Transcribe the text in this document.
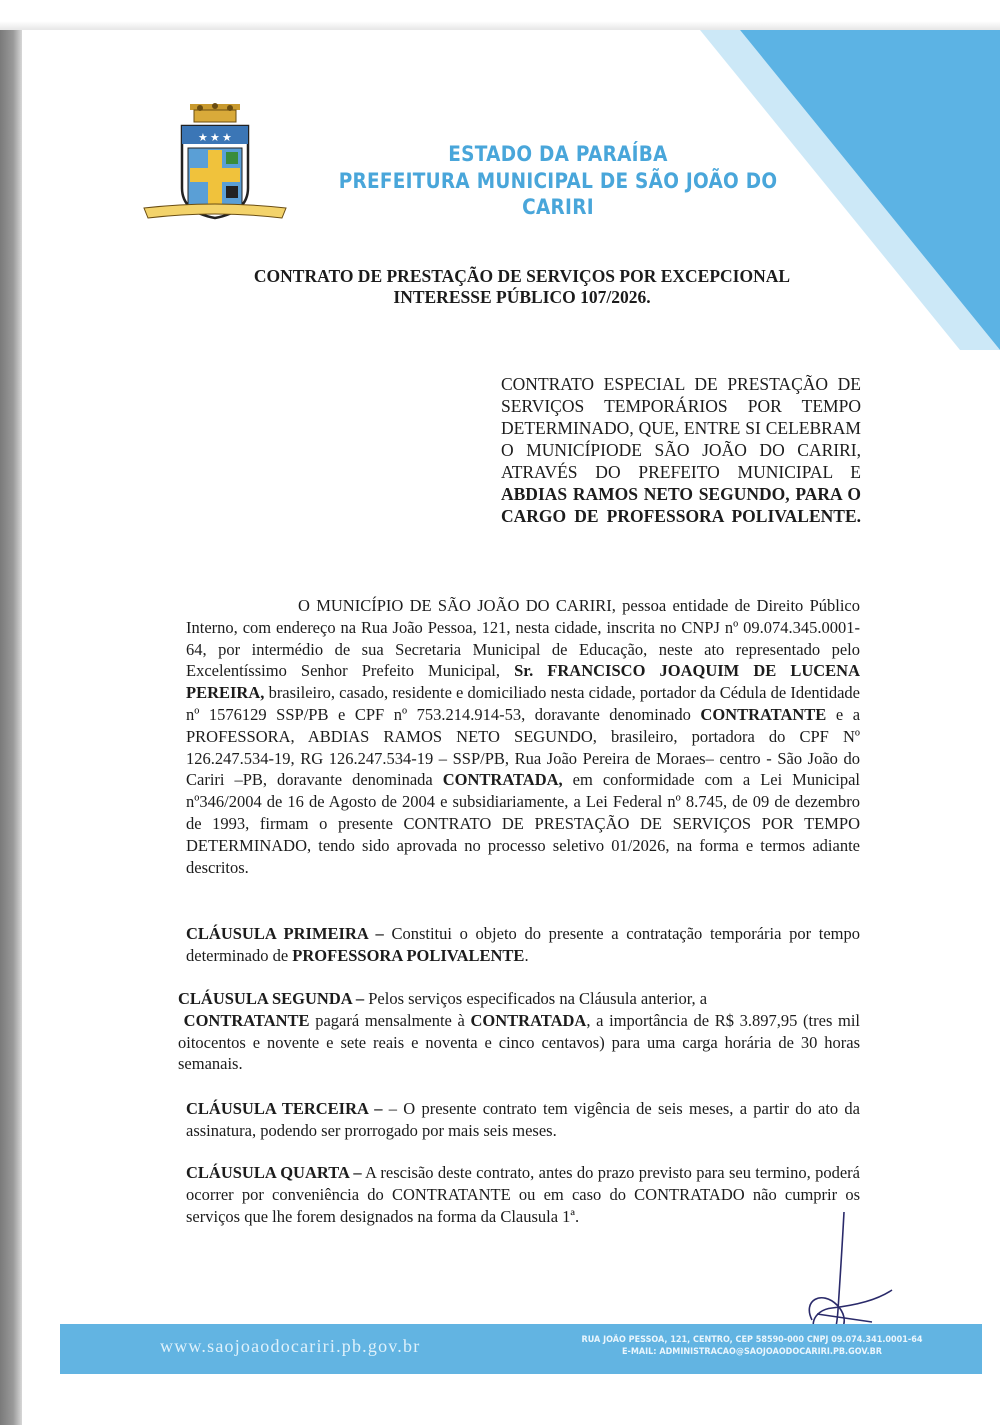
★ ★ ★
ESTADO DA PARAÍBA
PREFEITURA MUNICIPAL DE SÃO JOÃO DO CARIRI
CONTRATO DE PRESTAÇÃO DE SERVIÇOS POR EXCEPCIONAL
INTERESSE PÚBLICO 107/2026.
CONTRATO ESPECIAL DE PRESTAÇÃO DE SERVIÇOS TEMPORÁRIOS POR TEMPO DETERMINADO, QUE, ENTRE SI CELEBRAM O MUNICÍPIODE SÃO JOÃO DO CARIRI, ATRAVÉS DO PREFEITO MUNICIPAL E ABDIAS RAMOS NETO SEGUNDO, PARA O CARGO DE PROFESSORA POLIVALENTE.
O MUNICÍPIO DE SÃO JOÃO DO CARIRI, pessoa entidade de Direito Público Interno, com endereço na Rua João Pessoa, 121, nesta cidade, inscrita no CNPJ nº 09.074.345.0001-64, por intermédio de sua Secretaria Municipal de Educação, neste ato representado pelo Excelentíssimo Senhor Prefeito Municipal, Sr. FRANCISCO JOAQUIM DE LUCENA PEREIRA, brasileiro, casado, residente e domiciliado nesta cidade, portador da Cédula de Identidade nº 1576129 SSP/PB e CPF nº 753.214.914-53, doravante denominado CONTRATANTE e a PROFESSORA, ABDIAS RAMOS NETO SEGUNDO, brasileiro, portadora do CPF Nº 126.247.534-19, RG 126.247.534-19 – SSP/PB, Rua João Pereira de Moraes– centro - São João do Cariri –PB, doravante denominada CONTRATADA, em conformidade com a Lei Municipal nº346/2004 de 16 de Agosto de 2004 e subsidiariamente, a Lei Federal nº 8.745, de 09 de dezembro de 1993, firmam o presente CONTRATO DE PRESTAÇÃO DE SERVIÇOS POR TEMPO DETERMINADO, tendo sido aprovada no processo seletivo 01/2026, na forma e termos adiante descritos.
CLÁUSULA PRIMEIRA – Constitui o objeto do presente a contratação temporária por tempo determinado de PROFESSORA POLIVALENTE.
CLÁUSULA SEGUNDA – Pelos serviços especificados na Cláusula anterior, a
CONTRATANTE pagará mensalmente à CONTRATADA, a importância de R$ 3.897,95 (tres mil oitocentos e novente e sete reais e noventa e cinco centavos) para uma carga horária de 30 horas semanais.
CLÁUSULA TERCEIRA – – O presente contrato tem vigência de seis meses, a partir do ato da assinatura, podendo ser prorrogado por mais seis meses.
CLÁUSULA QUARTA – A rescisão deste contrato, antes do prazo previsto para seu termino, poderá ocorrer por conveniência do CONTRATANTE ou em caso do CONTRATADO não cumprir os serviços que lhe forem designados na forma da Clausula 1ª.
www.saojoaodocariri.pb.gov.br	RUA JOÃO PESSOA, 121, CENTRO, CEP 58590-000 CNPJ 09.074.341.0001-64
E-MAIL: ADMINISTRACAO@SAOJOAODOCARIRI.PB.GOV.BR
